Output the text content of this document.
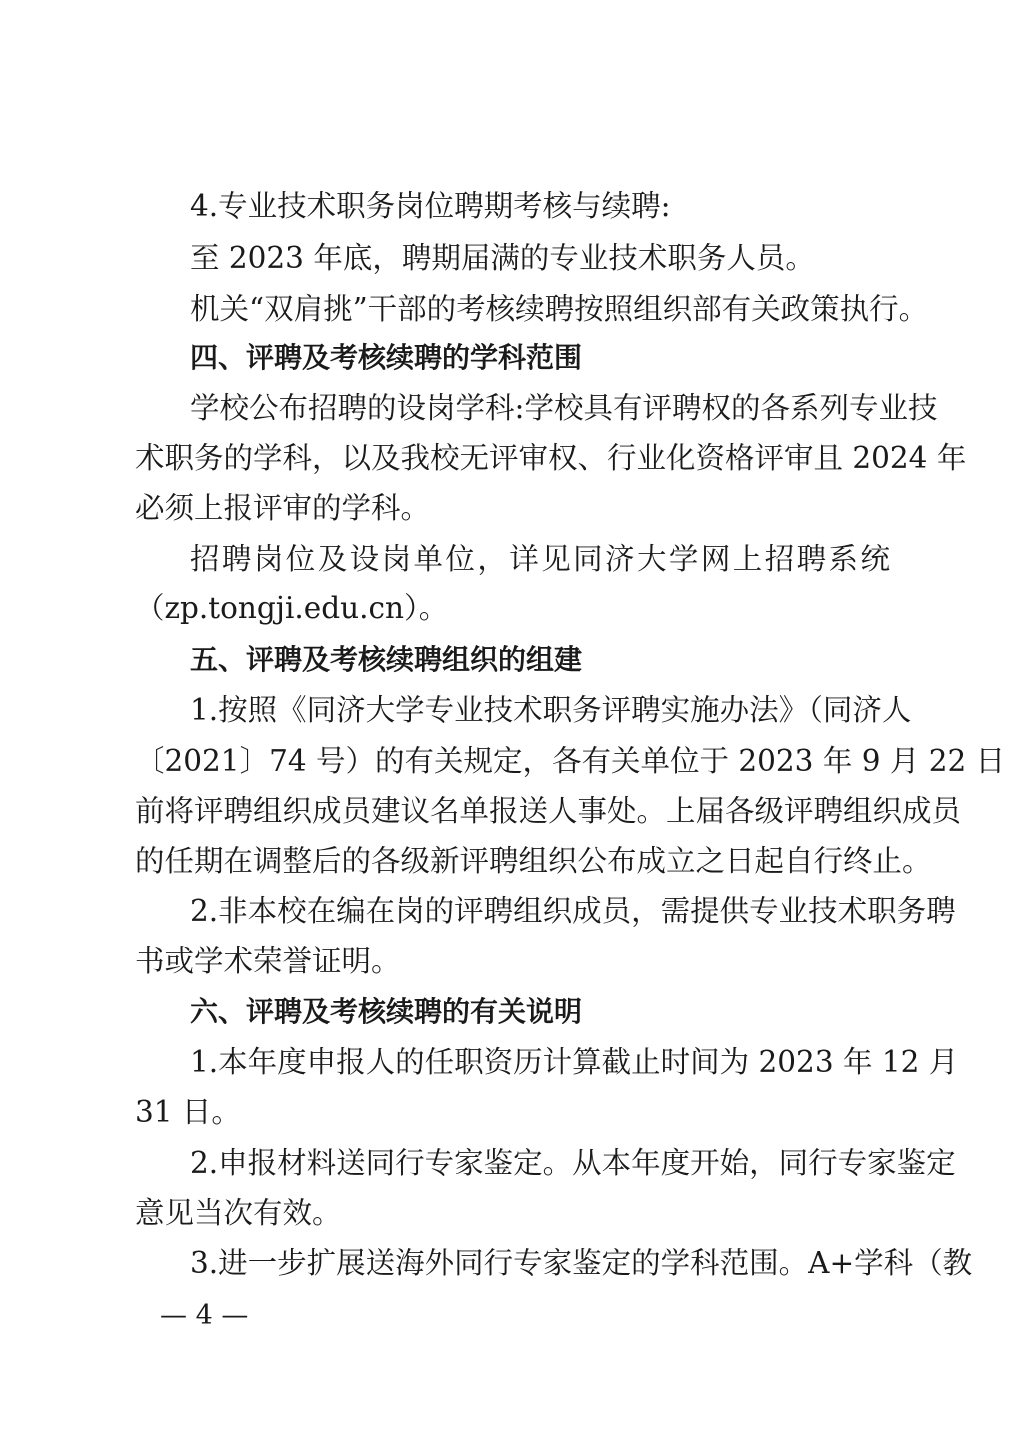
4.专业技术职务岗位聘期考核与续聘:
至 2023 年底，聘期届满的专业技术职务人员。
机关“双肩挑”干部的考核续聘按照组织部有关政策执行。
四、评聘及考核续聘的学科范围
学校公布招聘的设岗学科:学校具有评聘权的各系列专业技
术职务的学科，以及我校无评审权、行业化资格评审且 2024 年
必须上报评审的学科。
招聘岗位及设岗单位，详见同济大学网上招聘系统
（zp.tongji.edu.cn）。
五、评聘及考核续聘组织的组建
1.按照《同济大学专业技术职务评聘实施办法》（同济人
〔2021〕74 号）的有关规定，各有关单位于 2023 年 9 月 22 日
前将评聘组织成员建议名单报送人事处。上届各级评聘组织成员
的任期在调整后的各级新评聘组织公布成立之日起自行终止。
2.非本校在编在岗的评聘组织成员，需提供专业技术职务聘
书或学术荣誉证明。
六、评聘及考核续聘的有关说明
1.本年度申报人的任职资历计算截止时间为 2023 年 12 月
31 日。
2.申报材料送同行专家鉴定。从本年度开始，同行专家鉴定
意见当次有效。
3.进一步扩展送海外同行专家鉴定的学科范围。A+学科（教
— 4 —
